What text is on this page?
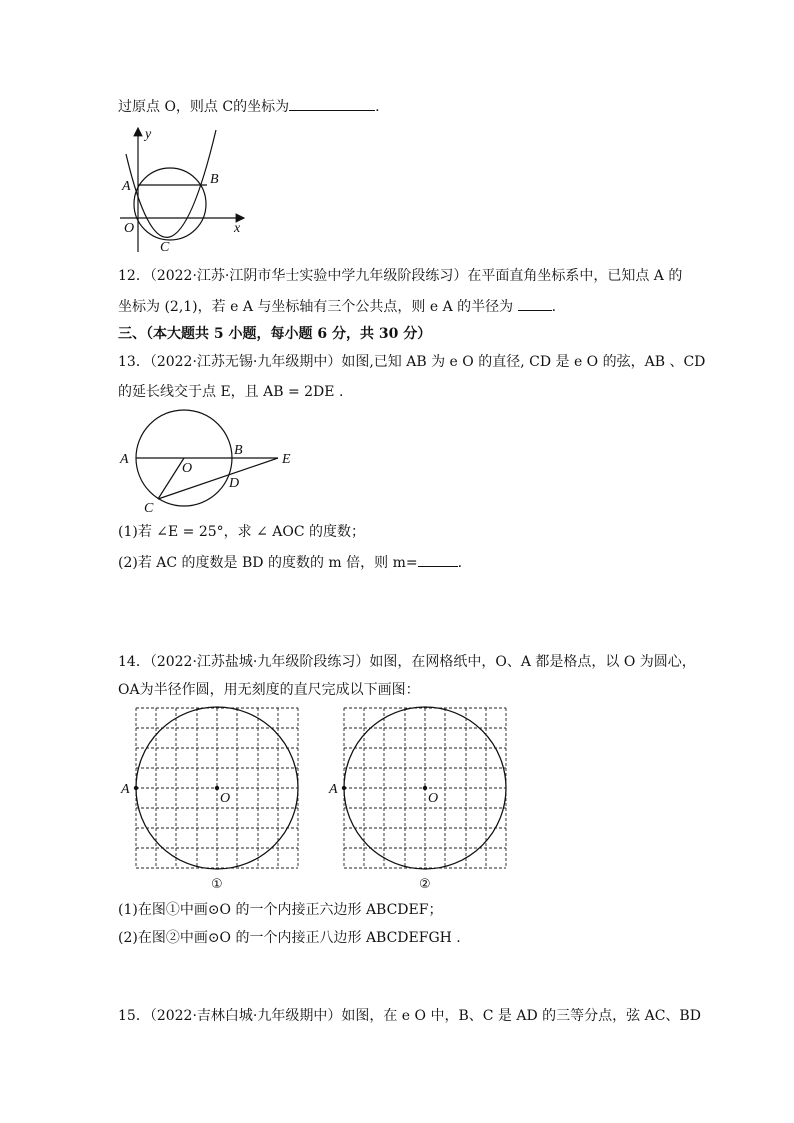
过原点 O，则点 C的坐标为	.
y
x
A	B
O
C
12．（2022·江苏·江阴市华士实验中学九年级阶段练习）在平面直角坐标系中，已知点 A 的
坐标为 (2,1)，若 e A 与坐标轴有三个公共点，则 e A 的半径为	.
三、（本大题共 5 小题，每小题 6 分，共 30 分）
13．（2022·江苏无锡·九年级期中）如图,已知 AB 为 e O 的直径, CD 是 e O 的弦，AB 、CD
的延长线交于点 E，且 AB = 2DE .
A
O
B
E
C
D
(1)若 ∠E = 25°，求 ∠ AOC 的度数；
(2)若 AC 的度数是 BD 的度数的 m 倍，则 m=	.
14．（2022·江苏盐城·九年级阶段练习）如图，在网格纸中，O、A 都是格点，以 O 为圆心，
OA为半径作圆，用无刻度的直尺完成以下画图：
A
O
①
A
O
②
(1)在图①中画⊙O 的一个内接正六边形 ABCDEF；
(2)在图②中画⊙O 的一个内接正八边形 ABCDEFGH .
15．（2022·吉林白城·九年级期中）如图，在 e O 中，B、C 是 AD 的三等分点，弦 AC、BD
